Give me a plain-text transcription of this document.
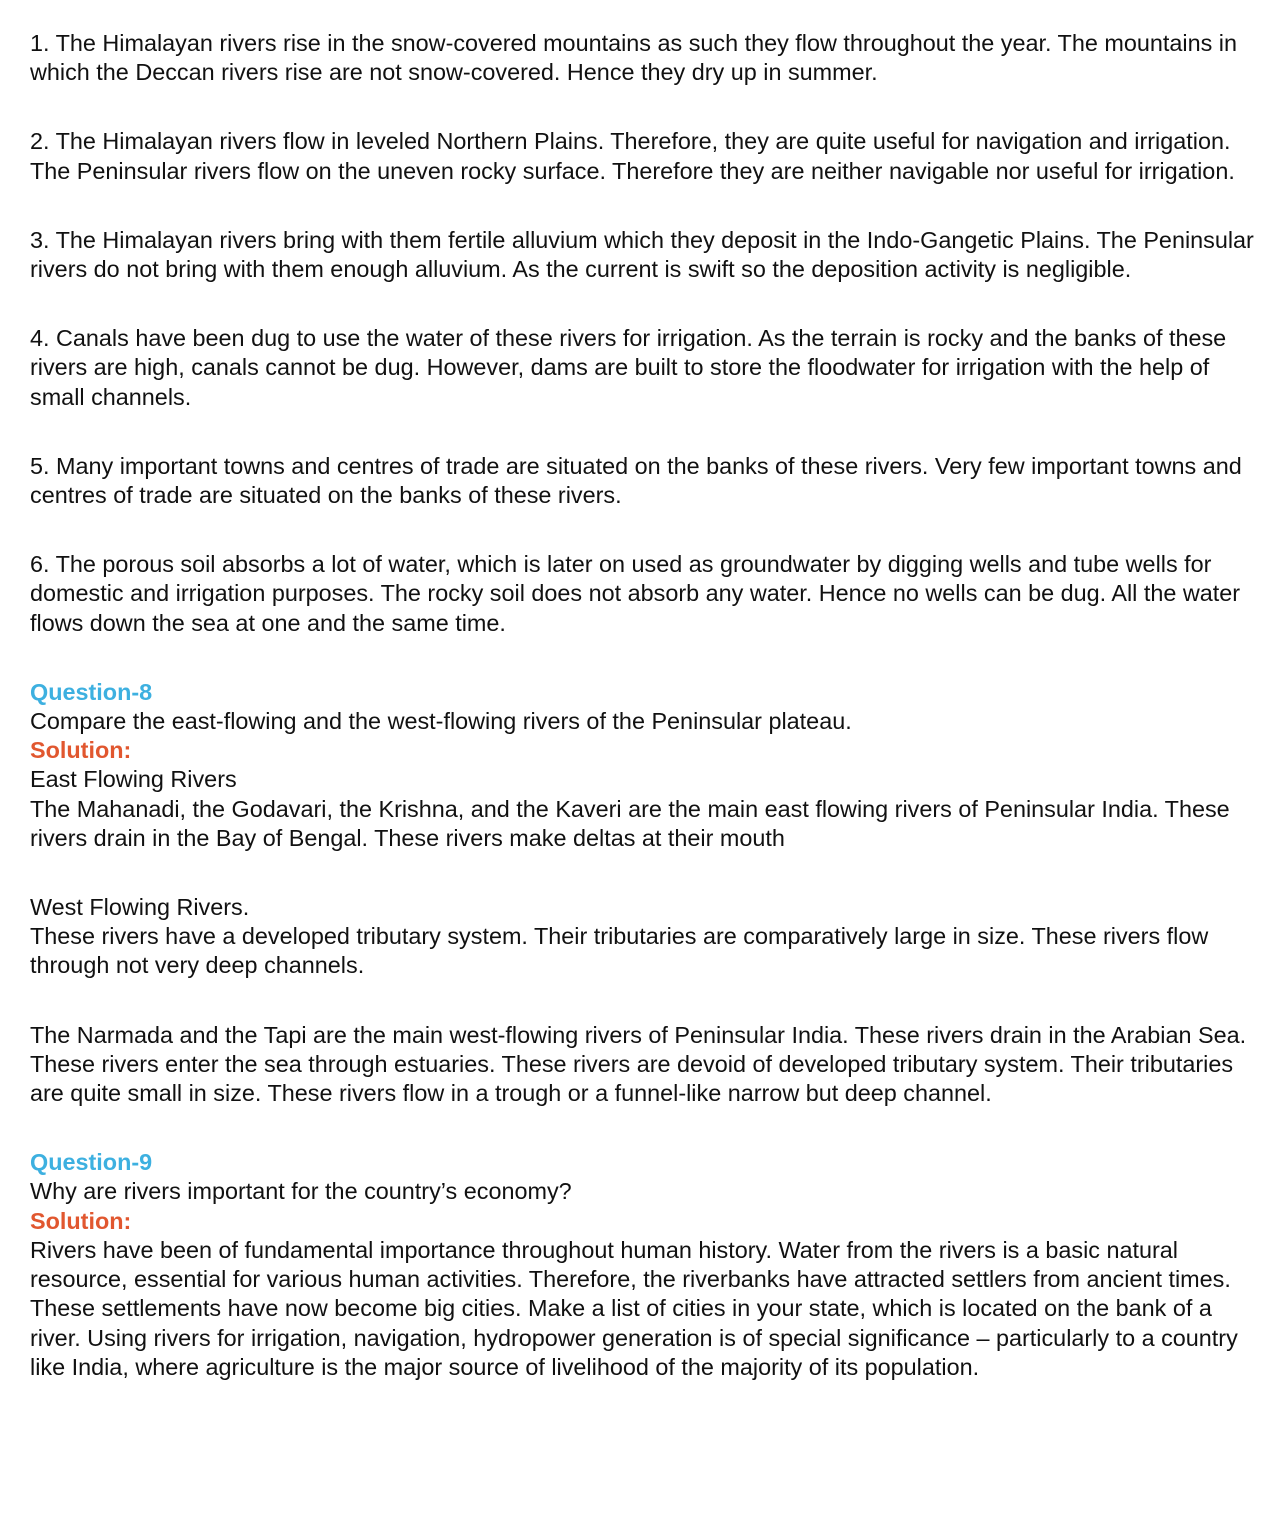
1. The Himalayan rivers rise in the snow-covered mountains as such they flow throughout the year. The mountains in which the Deccan rivers rise are not snow-covered. Hence they dry up in summer.

2. The Himalayan rivers flow in leveled Northern Plains. Therefore, they are quite useful for navigation and irrigation. The Peninsular rivers flow on the uneven rocky surface. Therefore they are neither navigable nor useful for irrigation.

3. The Himalayan rivers bring with them fertile alluvium which they deposit in the Indo-Gangetic Plains. The Peninsular rivers do not bring with them enough alluvium. As the current is swift so the deposition activity is negligible.

4. Canals have been dug to use the water of these rivers for irrigation. As the terrain is rocky and the banks of these rivers are high, canals cannot be dug. However, dams are built to store the floodwater for irrigation with the help of small channels.

5. Many important towns and centres of trade are situated on the banks of these rivers. Very few important towns and centres of trade are situated on the banks of these rivers.

6. The porous soil absorbs a lot of water, which is later on used as groundwater by digging wells and tube wells for domestic and irrigation purposes. The rocky soil does not absorb any water. Hence no wells can be dug. All the water flows down the sea at one and the same time.

Question-8

Compare the east-flowing and the west-flowing rivers of the Peninsular plateau.

Solution:

East Flowing Rivers

The Mahanadi, the Godavari, the Krishna, and the Kaveri are the main east flowing rivers of Peninsular India. These rivers drain in the Bay of Bengal. These rivers make deltas at their mouth

West Flowing Rivers.

These rivers have a developed tributary system. Their tributaries are comparatively large in size. These rivers flow through not very deep channels.

The Narmada and the Tapi are the main west-flowing rivers of Peninsular India. These rivers drain in the Arabian Sea. These rivers enter the sea through estuaries. These rivers are devoid of developed tributary system. Their tributaries are quite small in size. These rivers flow in a trough or a funnel-like narrow but deep channel.

Question-9

Why are rivers important for the country’s economy?

Solution:

Rivers have been of fundamental importance throughout human history. Water from the rivers is a basic natural resource, essential for various human activities. Therefore, the riverbanks have attracted settlers from ancient times. These settlements have now become big cities. Make a list of cities in your state, which is located on the bank of a river. Using rivers for irrigation, navigation, hydropower generation is of special significance – particularly to a country like India, where agriculture is the major source of livelihood of the majority of its population.
